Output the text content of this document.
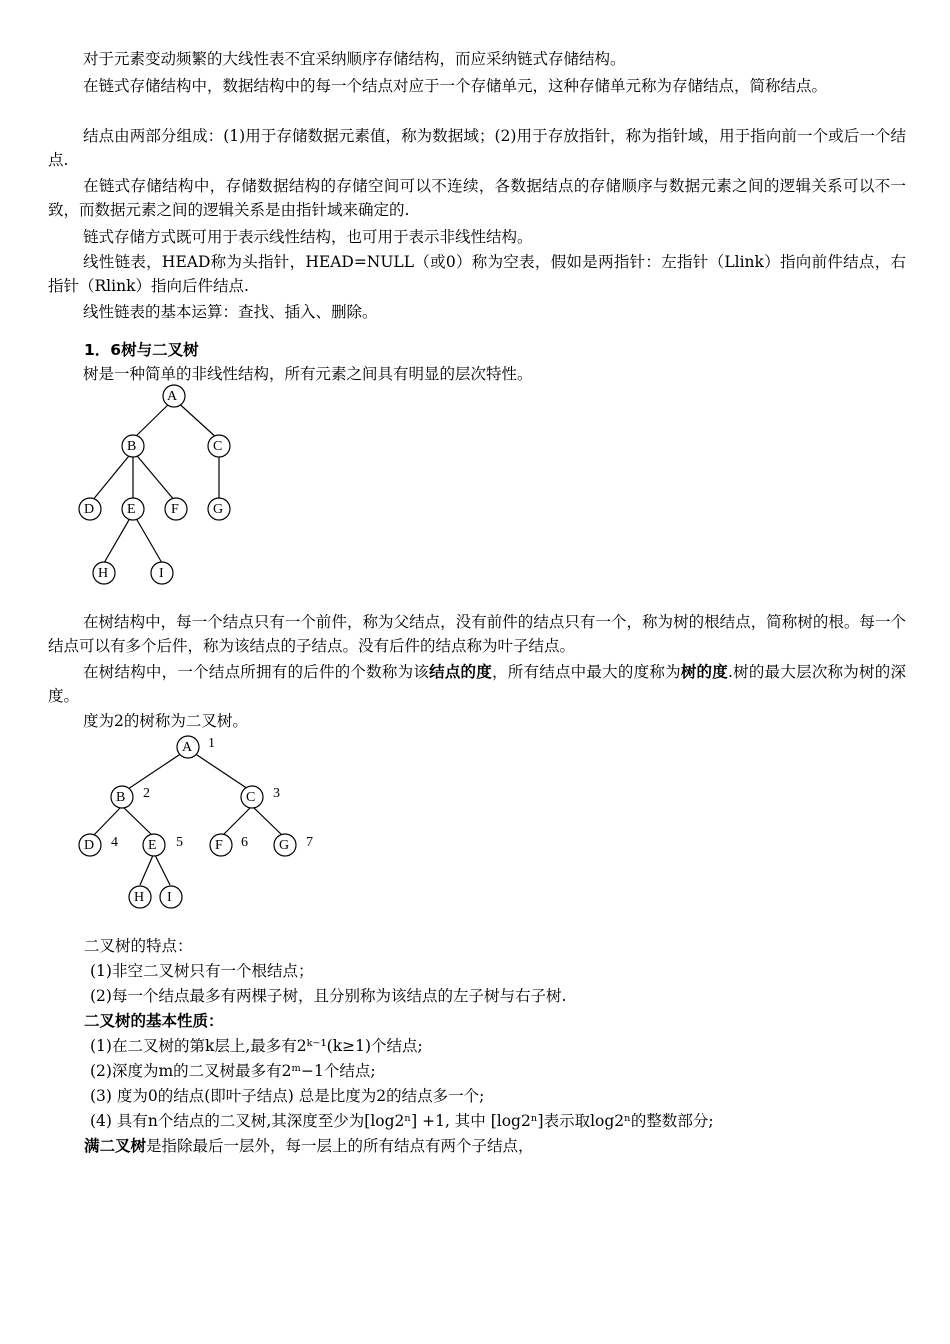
对于元素变动频繁的大线性表不宜采纳顺序存储结构，而应采纳链式存储结构。

在链式存储结构中，数据结构中的每一个结点对应于一个存储单元，这种存储单元称为存储结点，简称结点。

结点由两部分组成：(1)用于存储数据元素值，称为数据域；(2)用于存放指针，称为指针域，用于指向前一个或后一个结点.

在链式存储结构中，存储数据结构的存储空间可以不连续，各数据结点的存储顺序与数据元素之间的逻辑关系可以不一致，而数据元素之间的逻辑关系是由指针域来确定的.

链式存储方式既可用于表示线性结构，也可用于表示非线性结构。

线性链表，HEAD称为头指针，HEAD=NULL（或0）称为空表，假如是两指针：左指针（Llink）指向前件结点，右指针（Rlink）指向后件结点.

线性链表的基本运算：查找、插入、删除。

1．6树与二叉树

树是一种简单的非线性结构，所有元素之间具有明显的层次特性。

A
B	C
D E	F G
H	I

在树结构中，每一个结点只有一个前件，称为父结点，没有前件的结点只有一个，称为树的根结点，简称树的根。每一个结点可以有多个后件，称为该结点的子结点。没有后件的结点称为叶子结点。

在树结构中，一个结点所拥有的后件的个数称为该结点的度，所有结点中最大的度称为树的度.树的最大层次称为树的深度。

度为2的树称为二叉树。

A 1
B 2	C 3
D 4 E 5 F 6 G 7
H I
二叉树的特点：
(1)非空二叉树只有一个根结点；
(2)每一个结点最多有两棵子树，且分别称为该结点的左子树与右子树.
二叉树的基本性质：
(1)在二叉树的第k层上,最多有2ᵏ⁻¹(k≥1)个结点;
(2)深度为m的二叉树最多有2ᵐ−1个结点;
(3) 度为0的结点(即叶子结点) 总是比度为2的结点多一个;
(4) 具有n个结点的二叉树,其深度至少为[log2ⁿ] +1, 其中 [log2ⁿ]表示取log2ⁿ的整数部分;
满二叉树是指除最后一层外，每一层上的所有结点有两个子结点，
